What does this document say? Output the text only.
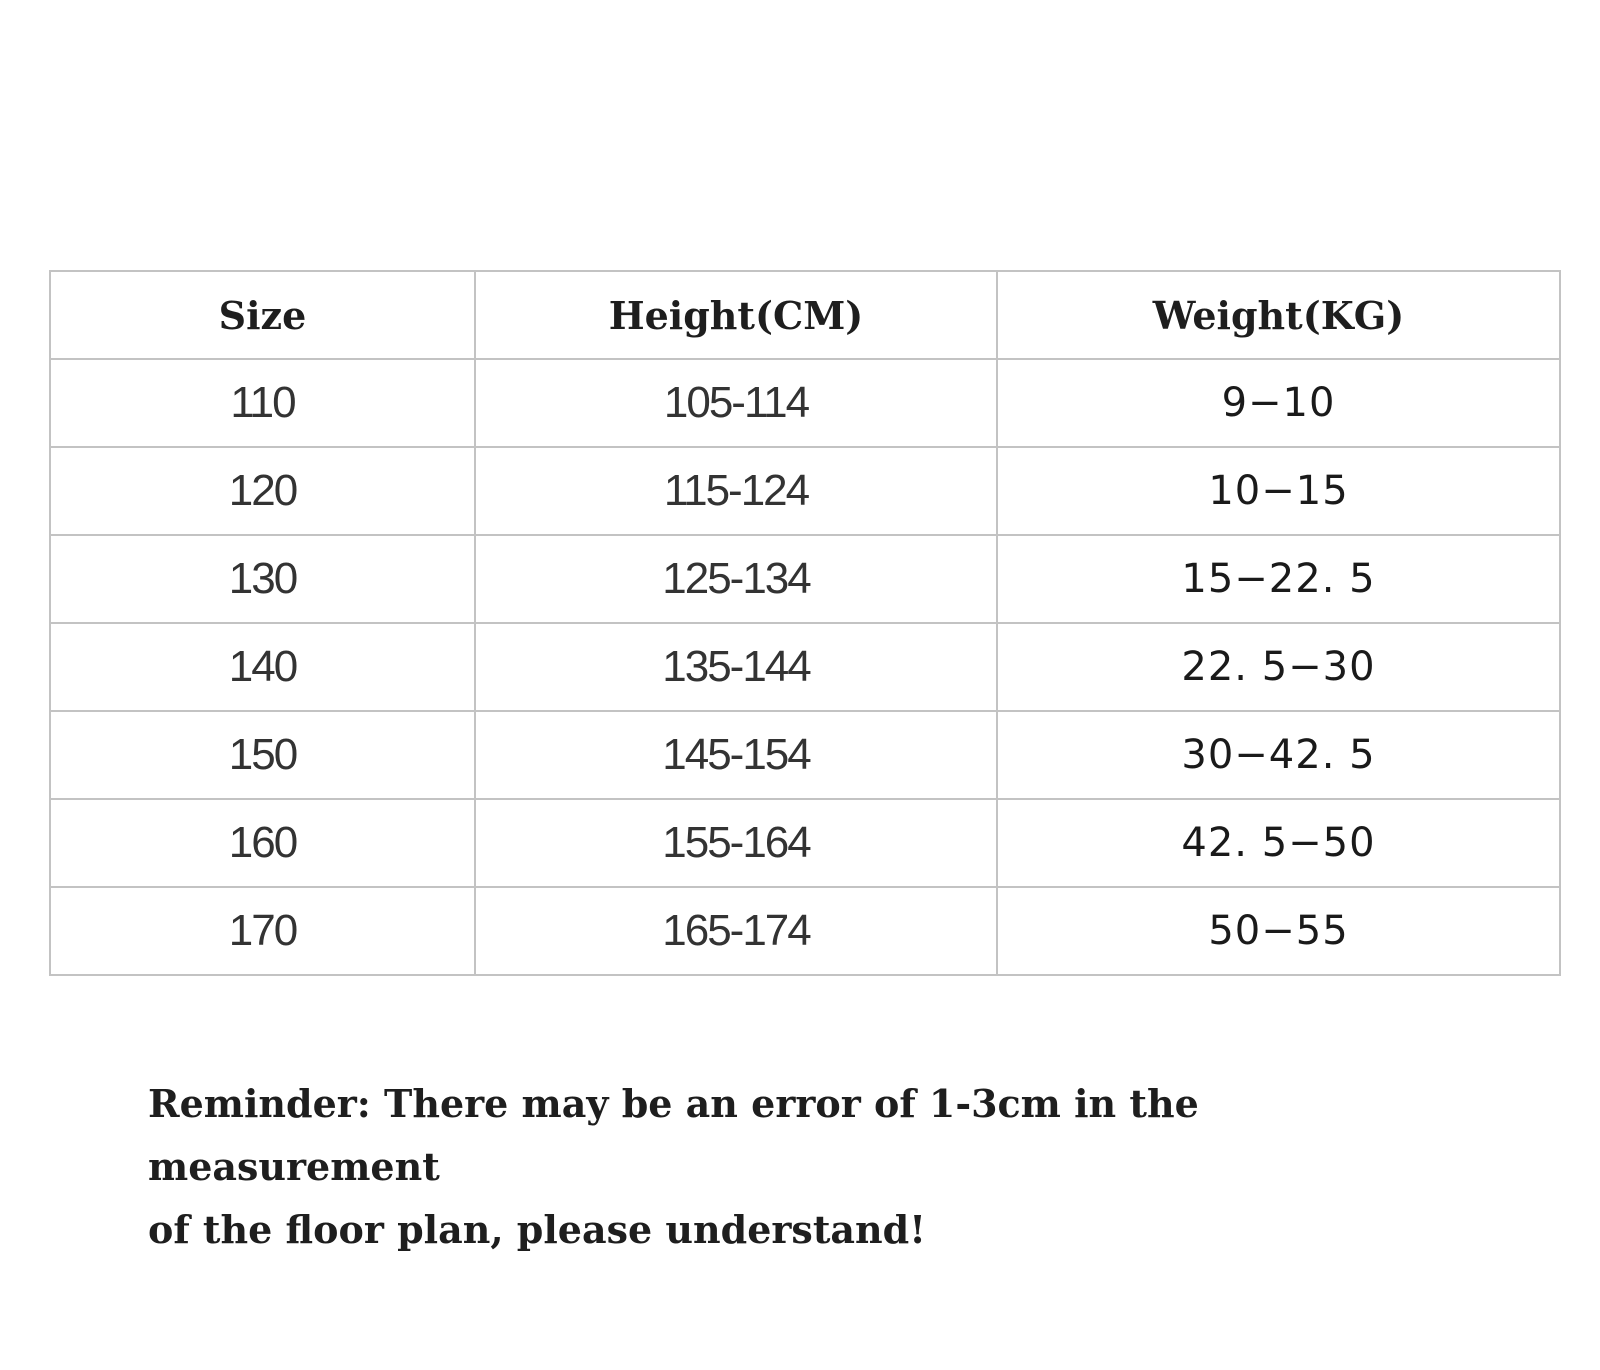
Size	Height(CM)	Weight(KG)
110	105-114	9−10
120	115-124	10−15
130	125-134	15−22. 5
140	135-144	22. 5−30
150	145-154	30−42. 5
160	155-164	42. 5−50
170	165-174	50−55

Reminder: There may be an error of 1-3cm in the measurement
of the floor plan, please understand!
